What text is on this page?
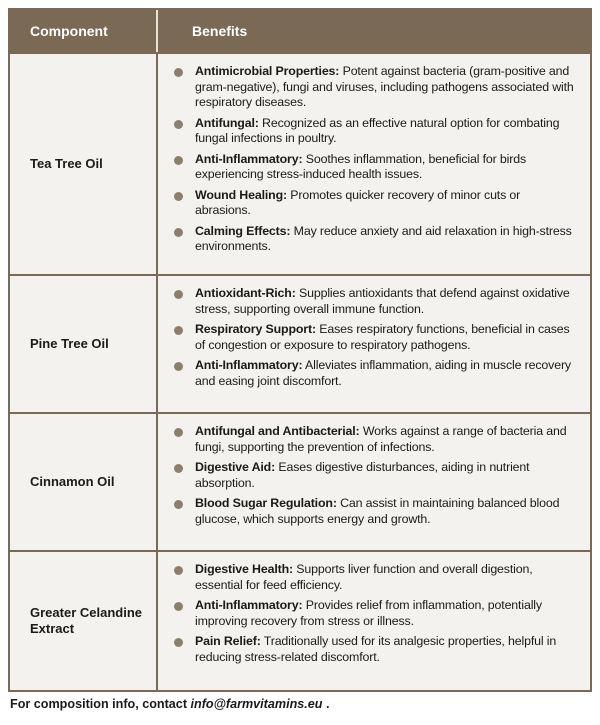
Component	Benefits
Tea Tree Oil
Antimicrobial Properties: Potent against bacteria (gram-positive and gram-negative), fungi and viruses, including pathogens associated with respiratory diseases.
Antifungal: Recognized as an effective natural option for combating fungal infections in poultry.
Anti-Inflammatory: Soothes inflammation, beneficial for birds experiencing stress-induced health issues.
Wound Healing: Promotes quicker recovery of minor cuts or abrasions.
Calming Effects: May reduce anxiety and aid relaxation in high-stress environments.
Pine Tree Oil
Antioxidant-Rich: Supplies antioxidants that defend against oxidative stress, supporting overall immune function.
Respiratory Support: Eases respiratory functions, beneficial in cases of congestion or exposure to respiratory pathogens.
Anti-Inflammatory: Alleviates inflammation, aiding in muscle recovery and easing joint discomfort.
Cinnamon Oil
Antifungal and Antibacterial: Works against a range of bacteria and fungi, supporting the prevention of infections.
Digestive Aid: Eases digestive disturbances, aiding in nutrient absorption.
Blood Sugar Regulation: Can assist in maintaining balanced blood glucose, which supports energy and growth.
Greater Celandine Extract
Digestive Health: Supports liver function and overall digestion, essential for feed efficiency.
Anti-Inflammatory: Provides relief from inflammation, potentially improving recovery from stress or illness.
Pain Relief: Traditionally used for its analgesic properties, helpful in reducing stress-related discomfort.
For composition info, contact info@farmvitamins.eu .
